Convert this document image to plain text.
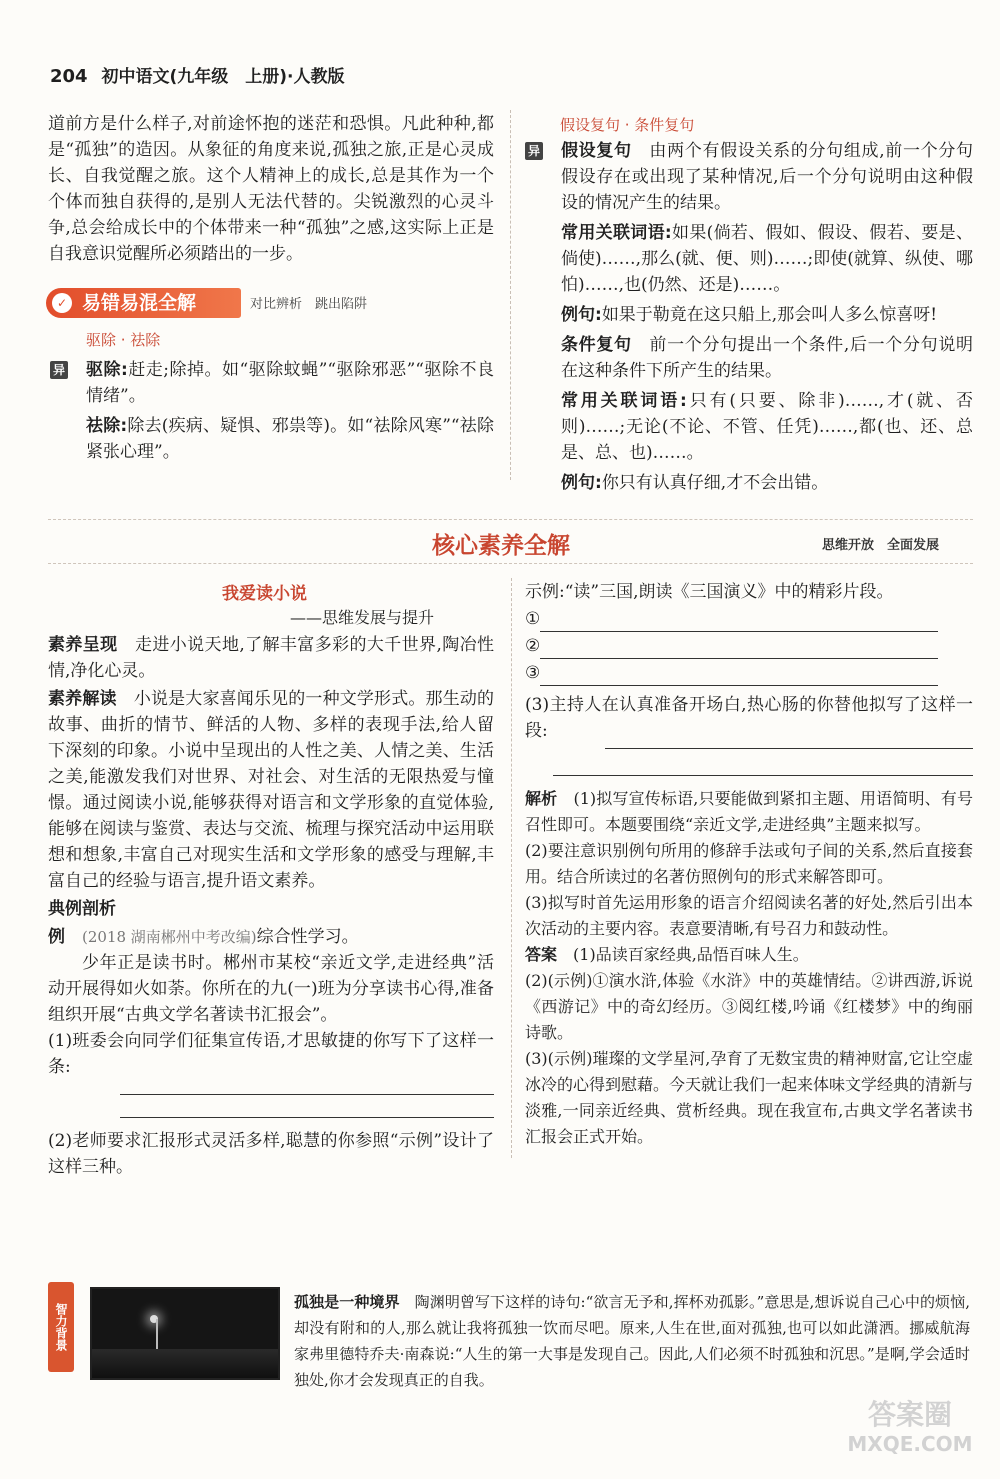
204 初中语文(九年级　上册)·人教版

道前方是什么样子,对前途怀抱的迷茫和恐惧。凡此种种,都是“孤独”的造因。从象征的角度来说,孤独之旅,正是心灵成长、自我觉醒之旅。这个人精神上的成长,总是其作为一个个体而独自获得的,是别人无法代替的。尖锐激烈的心灵斗争,总会给成长中的个体带来一种“孤独”之感,这实际上正是自我意识觉醒所必须踏出的一步。

✓ 易错易混全解	对比辨析　跳出陷阱
驱除 · 祛除

异 驱除:赶走;除掉。如“驱除蚊蝇”“驱除邪恶”“驱除不良情绪”。

祛除:除去(疾病、疑惧、邪祟等)。如“祛除风寒”“祛除紧张心理”。

假设复句 · 条件复句

异 假设复句　 由两个有假设关系的分句组成,前一个分句假设存在或出现了某种情况,后一个分句说明由这种假设的情况产生的结果。

常用关联词语:如果(倘若、假如、假设、假若、要是、倘使)……,那么(就、便、则)……;即使(就算、纵使、哪怕)……,也(仍然、还是)……。

例句:如果于勒竟在这只船上,那会叫人多么惊喜呀!

条件复句　 前一个分句提出一个条件,后一个分句说明在这种条件下所产生的结果。

常用关联词语:只有(只要、除非)……,才(就、否则)……;无论(不论、不管、任凭)……,都(也、还、总是、总、也)……。

例句:你只有认真仔细,才不会出错。

核心素养全解	思维开放　全面发展
我爱读小说
——思维发展与提升

素养呈现　 走进小说天地,了解丰富多彩的大千世界,陶冶性情,净化心灵。

素养解读　 小说是大家喜闻乐见的一种文学形式。那生动的故事、曲折的情节、鲜活的人物、多样的表现手法,给人留下深刻的印象。小说中呈现出的人性之美、人情之美、生活之美,能激发我们对世界、对社会、对生活的无限热爱与憧憬。通过阅读小说,能够获得对语言和文学形象的直觉体验,能够在阅读与鉴赏、表达与交流、梳理与探究活动中运用联想和想象,丰富自己对现实生活和文学形象的感受与理解,丰富自己的经验与语言,提升语文素养。

典例剖析

例　 (2018 湖南郴州中考改编)综合性学习。

少年正是读书时。郴州市某校“亲近文学,走进经典”活动开展得如火如荼。你所在的九(一)班为分享读书心得,准备组织开展“古典文学名著读书汇报会”。

(1)班委会向同学们征集宣传语,才思敏捷的你写下了这样一条:

(2)老师要求汇报形式灵活多样,聪慧的你参照“示例”设计了这样三种。

示例:“读”三国,朗读《三国演义》中的精彩片段。

①
②
③

(3)主持人在认真准备开场白,热心肠的你替他拟写了这样一段:

解析　 (1)拟写宣传标语,只要能做到紧扣主题、用语简明、有号召性即可。本题要围绕“亲近文学,走进经典”主题来拟写。

(2)要注意识别例句所用的修辞手法或句子间的关系,然后直接套用。结合所读过的名著仿照例句的形式来解答即可。

(3)拟写时首先运用形象的语言介绍阅读名著的好处,然后引出本次活动的主要内容。表意要清晰,有号召力和鼓动性。

答案　 (1)品读百家经典,品悟百味人生。

(2)(示例)①演水浒,体验《水浒》中的英雄情结。②讲西游,诉说《西游记》中的奇幻经历。③阅红楼,吟诵《红楼梦》中的绚丽诗歌。

(3)(示例)璀璨的文学星河,孕育了无数宝贵的精神财富,它让空虚冰冷的心得到慰藉。今天就让我们一起来体味文学经典的清新与淡雅,一同亲近经典、赏析经典。现在我宣布,古典文学名著读书汇报会正式开始。

智力背景

孤独是一种境界　 陶渊明曾写下这样的诗句:“欲言无予和,挥杯劝孤影。”意思是,想诉说自己心中的烦恼,却没有附和的人,那么就让我将孤独一饮而尽吧。原来,人生在世,面对孤独,也可以如此潇洒。挪威航海家弗里德特乔夫·南森说:“人生的第一大事是发现自己。因此,人们必须不时孤独和沉思。”是啊,学会适时独处,你才会发现真正的自我。

答案圈
MXQE.COM
